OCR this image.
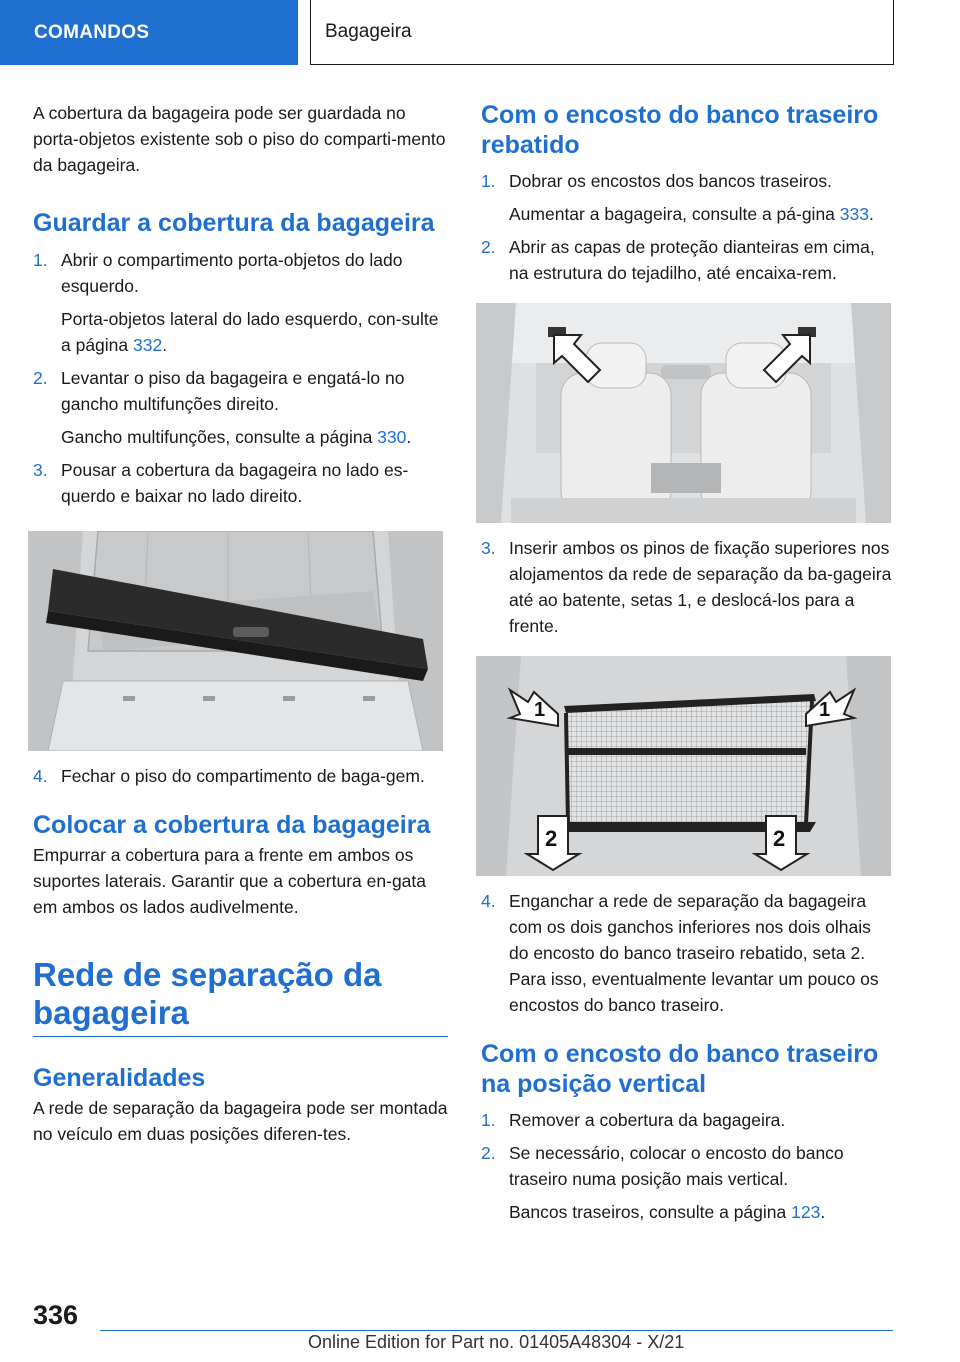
COMANDOS	Bagageira

A cobertura da bagageira pode ser guardada no porta-objetos existente sob o piso do comparti-mento da bagageira.

Guardar a cobertura da bagageira
1. Abrir o compartimento porta-objetos do lado esquerdo.
Porta-objetos lateral do lado esquerdo, con-sulte a página 332.
2. Levantar o piso da bagageira e engatá-lo no gancho multifunções direito.
Gancho multifunções, consulte a página 330.
3. Pousar a cobertura da bagageira no lado es-querdo e baixar no lado direito.
4. Fechar o piso do compartimento de baga-gem.
Colocar a cobertura da bagageira

Empurrar a cobertura para a frente em ambos os suportes laterais. Garantir que a cobertura en-gata em ambos os lados audivelmente.

Rede de separação da bagageira
Generalidades

A rede de separação da bagageira pode ser montada no veículo em duas posições diferen-tes.

Com o encosto do banco traseiro rebatido
1. Dobrar os encostos dos bancos traseiros.
Aumentar a bagageira, consulte a pá-gina 333.
2. Abrir as capas de proteção dianteiras em cima, na estrutura do tejadilho, até encaixa-rem.
3. Inserir ambos os pinos de fixação superiores nos alojamentos da rede de separação da ba-gageira até ao batente, setas 1, e deslocá-los para a frente.
1	1
2	2
4. Enganchar a rede de separação da bagageira com os dois ganchos inferiores nos dois olhais do encosto do banco traseiro rebatido, seta 2. Para isso, eventualmente levantar um pouco os encostos do banco traseiro.
Com o encosto do banco traseiro na posição vertical
1. Remover a cobertura da bagageira.
2. Se necessário, colocar o encosto do banco traseiro numa posição mais vertical.
Bancos traseiros, consulte a página 123.
336
Online Edition for Part no. 01405A48304 - X/21
